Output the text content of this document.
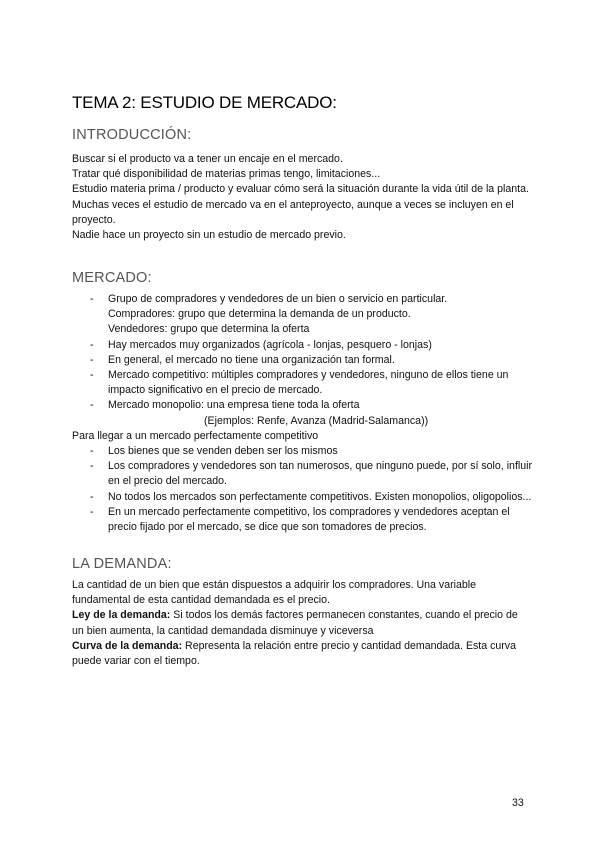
TEMA 2: ESTUDIO DE MERCADO:
INTRODUCCIÓN:

Buscar si el producto va a tener un encaje en el mercado.

Tratar qué disponibilidad de materias primas tengo, limitaciones...

Estudio materia prima / producto y evaluar cómo será la situación durante la vida útil de la planta.

Muchas veces el estudio de mercado va en el anteproyecto, aunque a veces se incluyen en el proyecto.

Nadie hace un proyecto sin un estudio de mercado previo.

MERCADO:
- Grupo de compradores y vendedores de un bien o servicio en particular.
Compradores: grupo que determina la demanda de un producto.
Vendedores: grupo que determina la oferta
- Hay mercados muy organizados (agrícola - lonjas, pesquero - lonjas)
- En general, el mercado no tiene una organización tan formal.
- Mercado competitivo: múltiples compradores y vendedores, ninguno de ellos tiene un impacto significativo en el precio de mercado.
- Mercado monopolio: una empresa tiene toda la oferta

(Ejemplos: Renfe, Avanza (Madrid-Salamanca))

Para llegar a un mercado perfectamente competitivo

- Los bienes que se venden deben ser los mismos
- Los compradores y vendedores son tan numerosos, que ninguno puede, por sí solo, influir en el precio del mercado.
- No todos los mercados son perfectamente competitivos. Existen monopolios, oligopolios...
- En un mercado perfectamente competitivo, los compradores y vendedores aceptan el precio fijado por el mercado, se dice que son tomadores de precios.
LA DEMANDA:

La cantidad de un bien que están dispuestos a adquirir los compradores. Una variable fundamental de esta cantidad demandada es el precio.

Ley de la demanda: Si todos los demás factores permanecen constantes, cuando el precio de un bien aumenta, la cantidad demandada disminuye y viceversa

Curva de la demanda: Representa la relación entre precio y cantidad demandada. Esta curva puede variar con el tiempo.

33
